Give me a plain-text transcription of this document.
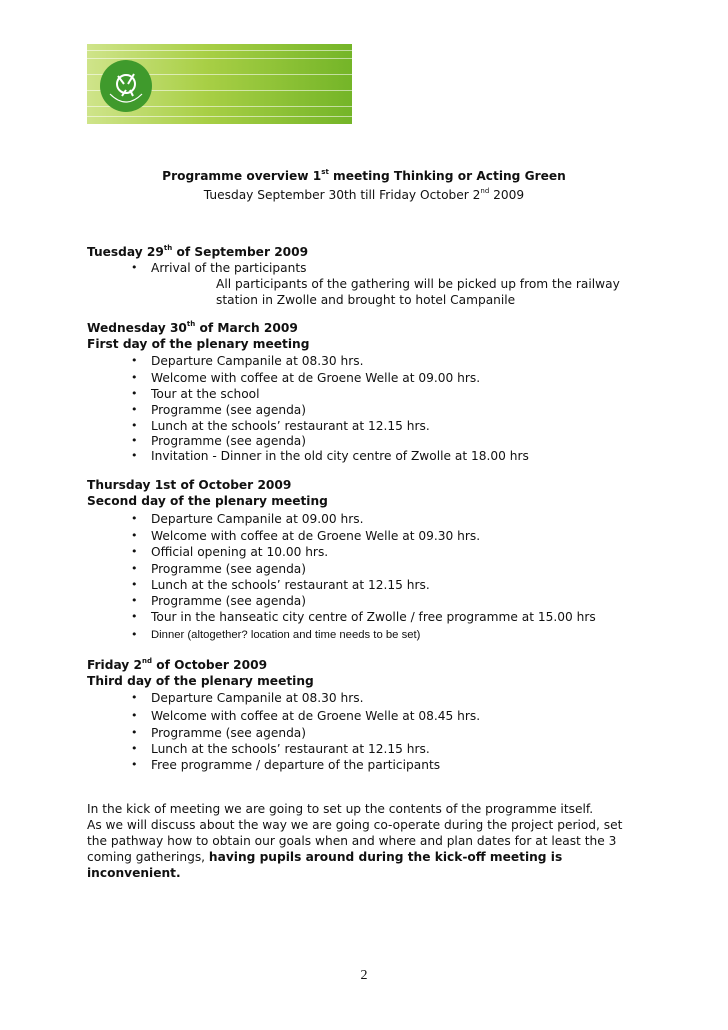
Programme overview 1st meeting Thinking or Acting Green
Tuesday September 30th till Friday October 2nd 2009
Tuesday 29th of September 2009
• Arrival of the participants
All participants of the gathering will be picked up from the railway
station in Zwolle and brought to hotel Campanile
Wednesday 30th of March 2009
First day of the plenary meeting
• Departure Campanile at 08.30 hrs.
• Welcome with coffee at de Groene Welle at 09.00 hrs.
• Tour at the school
• Programme (see agenda)
• Lunch at the schools’ restaurant at 12.15 hrs.
• Programme (see agenda)
• Invitation - Dinner in the old city centre of Zwolle at 18.00 hrs
Thursday 1st of October 2009
Second day of the plenary meeting
• Departure Campanile at 09.00 hrs.
• Welcome with coffee at de Groene Welle at 09.30 hrs.
• Official opening at 10.00 hrs.
• Programme (see agenda)
• Lunch at the schools’ restaurant at 12.15 hrs.
• Programme (see agenda)
• Tour in the hanseatic city centre of Zwolle / free programme at 15.00 hrs
• Dinner (altogether? location and time needs to be set)
Friday 2nd of October 2009
Third day of the plenary meeting
• Departure Campanile at 08.30 hrs.
• Welcome with coffee at de Groene Welle at 08.45 hrs.
• Programme (see agenda)
• Lunch at the schools’ restaurant at 12.15 hrs.
• Free programme / departure of the participants
In the kick of meeting we are going to set up the contents of the programme itself.
As we will discuss about the way we are going co-operate during the project period, set
the pathway how to obtain our goals when and where and plan dates for at least the 3
coming gatherings, having pupils around during the kick-off meeting is
inconvenient.
2
